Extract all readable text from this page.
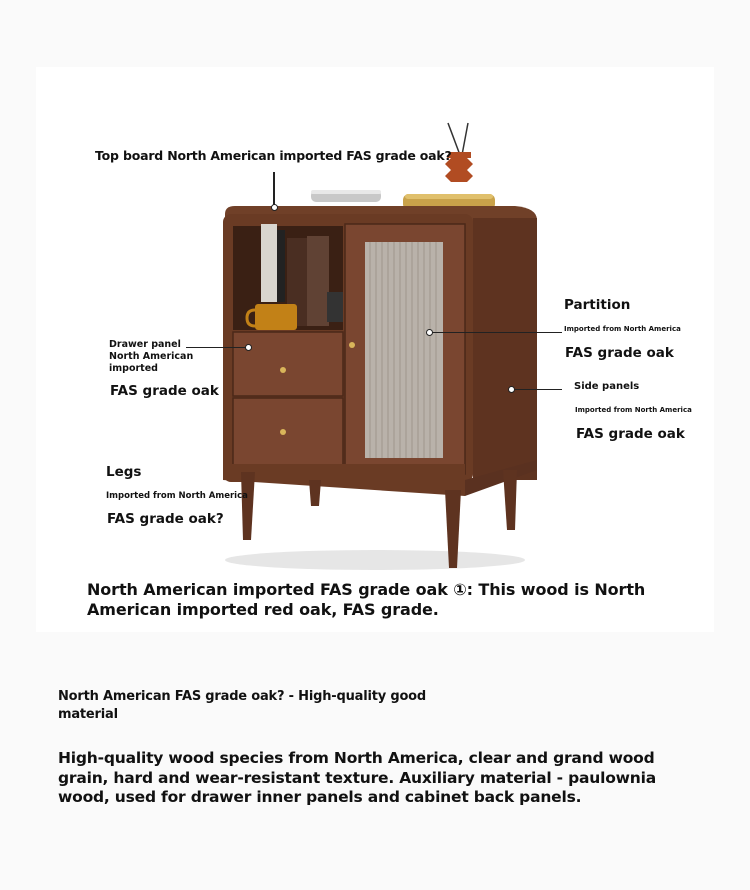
Top board North American imported FAS grade oak?
Drawer panel
North American
imported
FAS grade oak
Partition
Imported from North America
FAS grade oak
Side panels
Imported from North America
FAS grade oak
Legs
Imported from North America
FAS grade oak?
North American imported FAS grade oak ①: This wood is North American imported red oak, FAS grade.
North American FAS grade oak? - High-quality good material
High-quality wood species from North America, clear and grand wood grain, hard and wear-resistant texture. Auxiliary material - paulownia wood, used for drawer inner panels and cabinet back panels.
